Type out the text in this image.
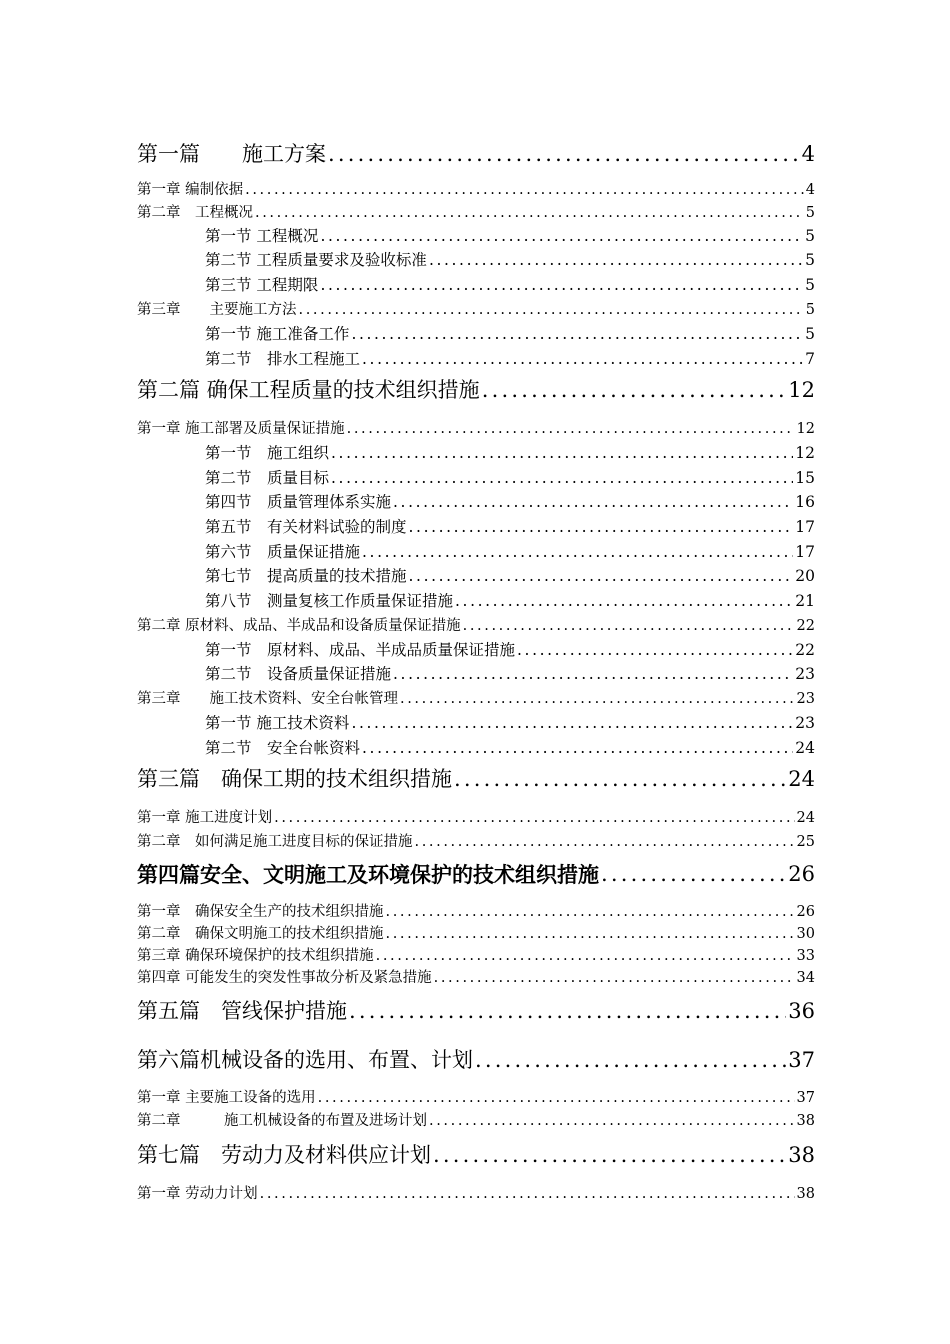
第一篇　　施工方案 .....	4
第一章 编制依据 .....	4
第二章　工程概况 .....	5
第一节 工程概况 .....	5
第二节 工程质量要求及验收标准 .....	5
第三节 工程期限 .....	5
第三章　　主要施工方法 .....	5
第一节 施工准备工作 .....	5
第二节　排水工程施工 .....	7
第二篇 确保工程质量的技术组织措施 .....	12
第一章 施工部署及质量保证措施 .....	12
第一节　施工组织 .....	12
第二节　质量目标 .....	15
第四节　质量管理体系实施 .....	16
第五节　有关材料试验的制度 .....	17
第六节　质量保证措施 .....	17
第七节　提高质量的技术措施 .....	20
第八节　测量复核工作质量保证措施 .....	21
第二章 原材料、成品、半成品和设备质量保证措施 .....	22
第一节　原材料、成品、半成品质量保证措施 .....	22
第二节　设备质量保证措施 .....	23
第三章　　施工技术资料、安全台帐管理 .....	23
第一节 施工技术资料 .....	23
第二节　安全台帐资料 .....	24
第三篇　确保工期的技术组织措施 .....	24
第一章 施工进度计划 .....	24
第二章　如何满足施工进度目标的保证措施 .....	25
第四篇安全、文明施工及环境保护的技术组织措施 .....	26
第一章　确保安全生产的技术组织措施 .....	26
第二章　确保文明施工的技术组织措施 .....	30
第三章 确保环境保护的技术组织措施 .....	33
第四章 可能发生的突发性事故分析及紧急措施 .....	34
第五篇　管线保护措施 .....	36
第六篇机械设备的选用、布置、计划 .....	37
第一章 主要施工设备的选用 .....	37
第二章　　　施工机械设备的布置及进场计划 .....	38
第七篇　劳动力及材料供应计划 .....	38
第一章 劳动力计划 .....	38
